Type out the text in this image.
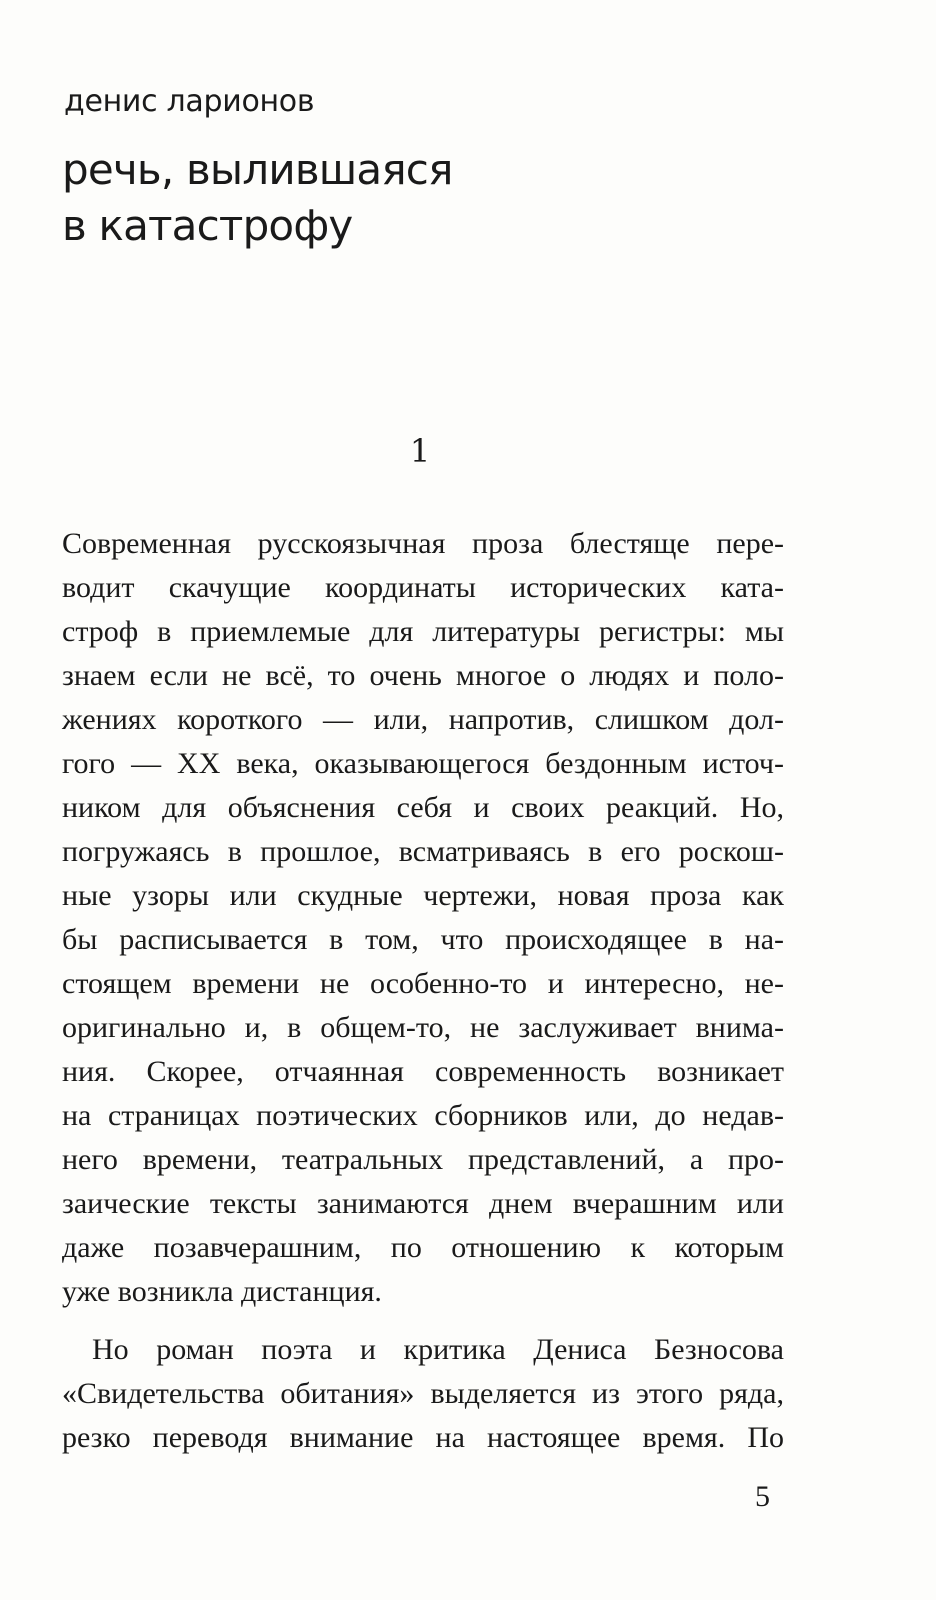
денис ларионов
речь, вылившаяся
в катастрофу
1
Современная русскоязычная проза блестяще пере-
водит скачущие координаты исторических ката-
строф в приемлемые для литературы регистры: мы
знаем если не всё, то очень многое о людях и поло-
жениях короткого — или, напротив, слишком дол-
гого — XX века, оказывающегося бездонным источ-
ником для объяснения себя и своих реакций. Но,
погружаясь в прошлое, всматриваясь в его роскош-
ные узоры или скудные чертежи, новая проза как
бы расписывается в том, что происходящее в на-
стоящем времени не особенно-то и интересно, не-
оригинально и, в общем-то, не заслуживает внима-
ния. Скорее, отчаянная современность возникает
на страницах поэтических сборников или, до недав-
него времени, театральных представлений, а про-
заические тексты занимаются днем вчерашним или
даже позавчерашним, по отношению к которым
уже возникла дистанция.
Но роман поэта и критика Дениса Безносова
«Свидетельства обитания» выделяется из этого ряда,
резко переводя внимание на настоящее время. По
5
